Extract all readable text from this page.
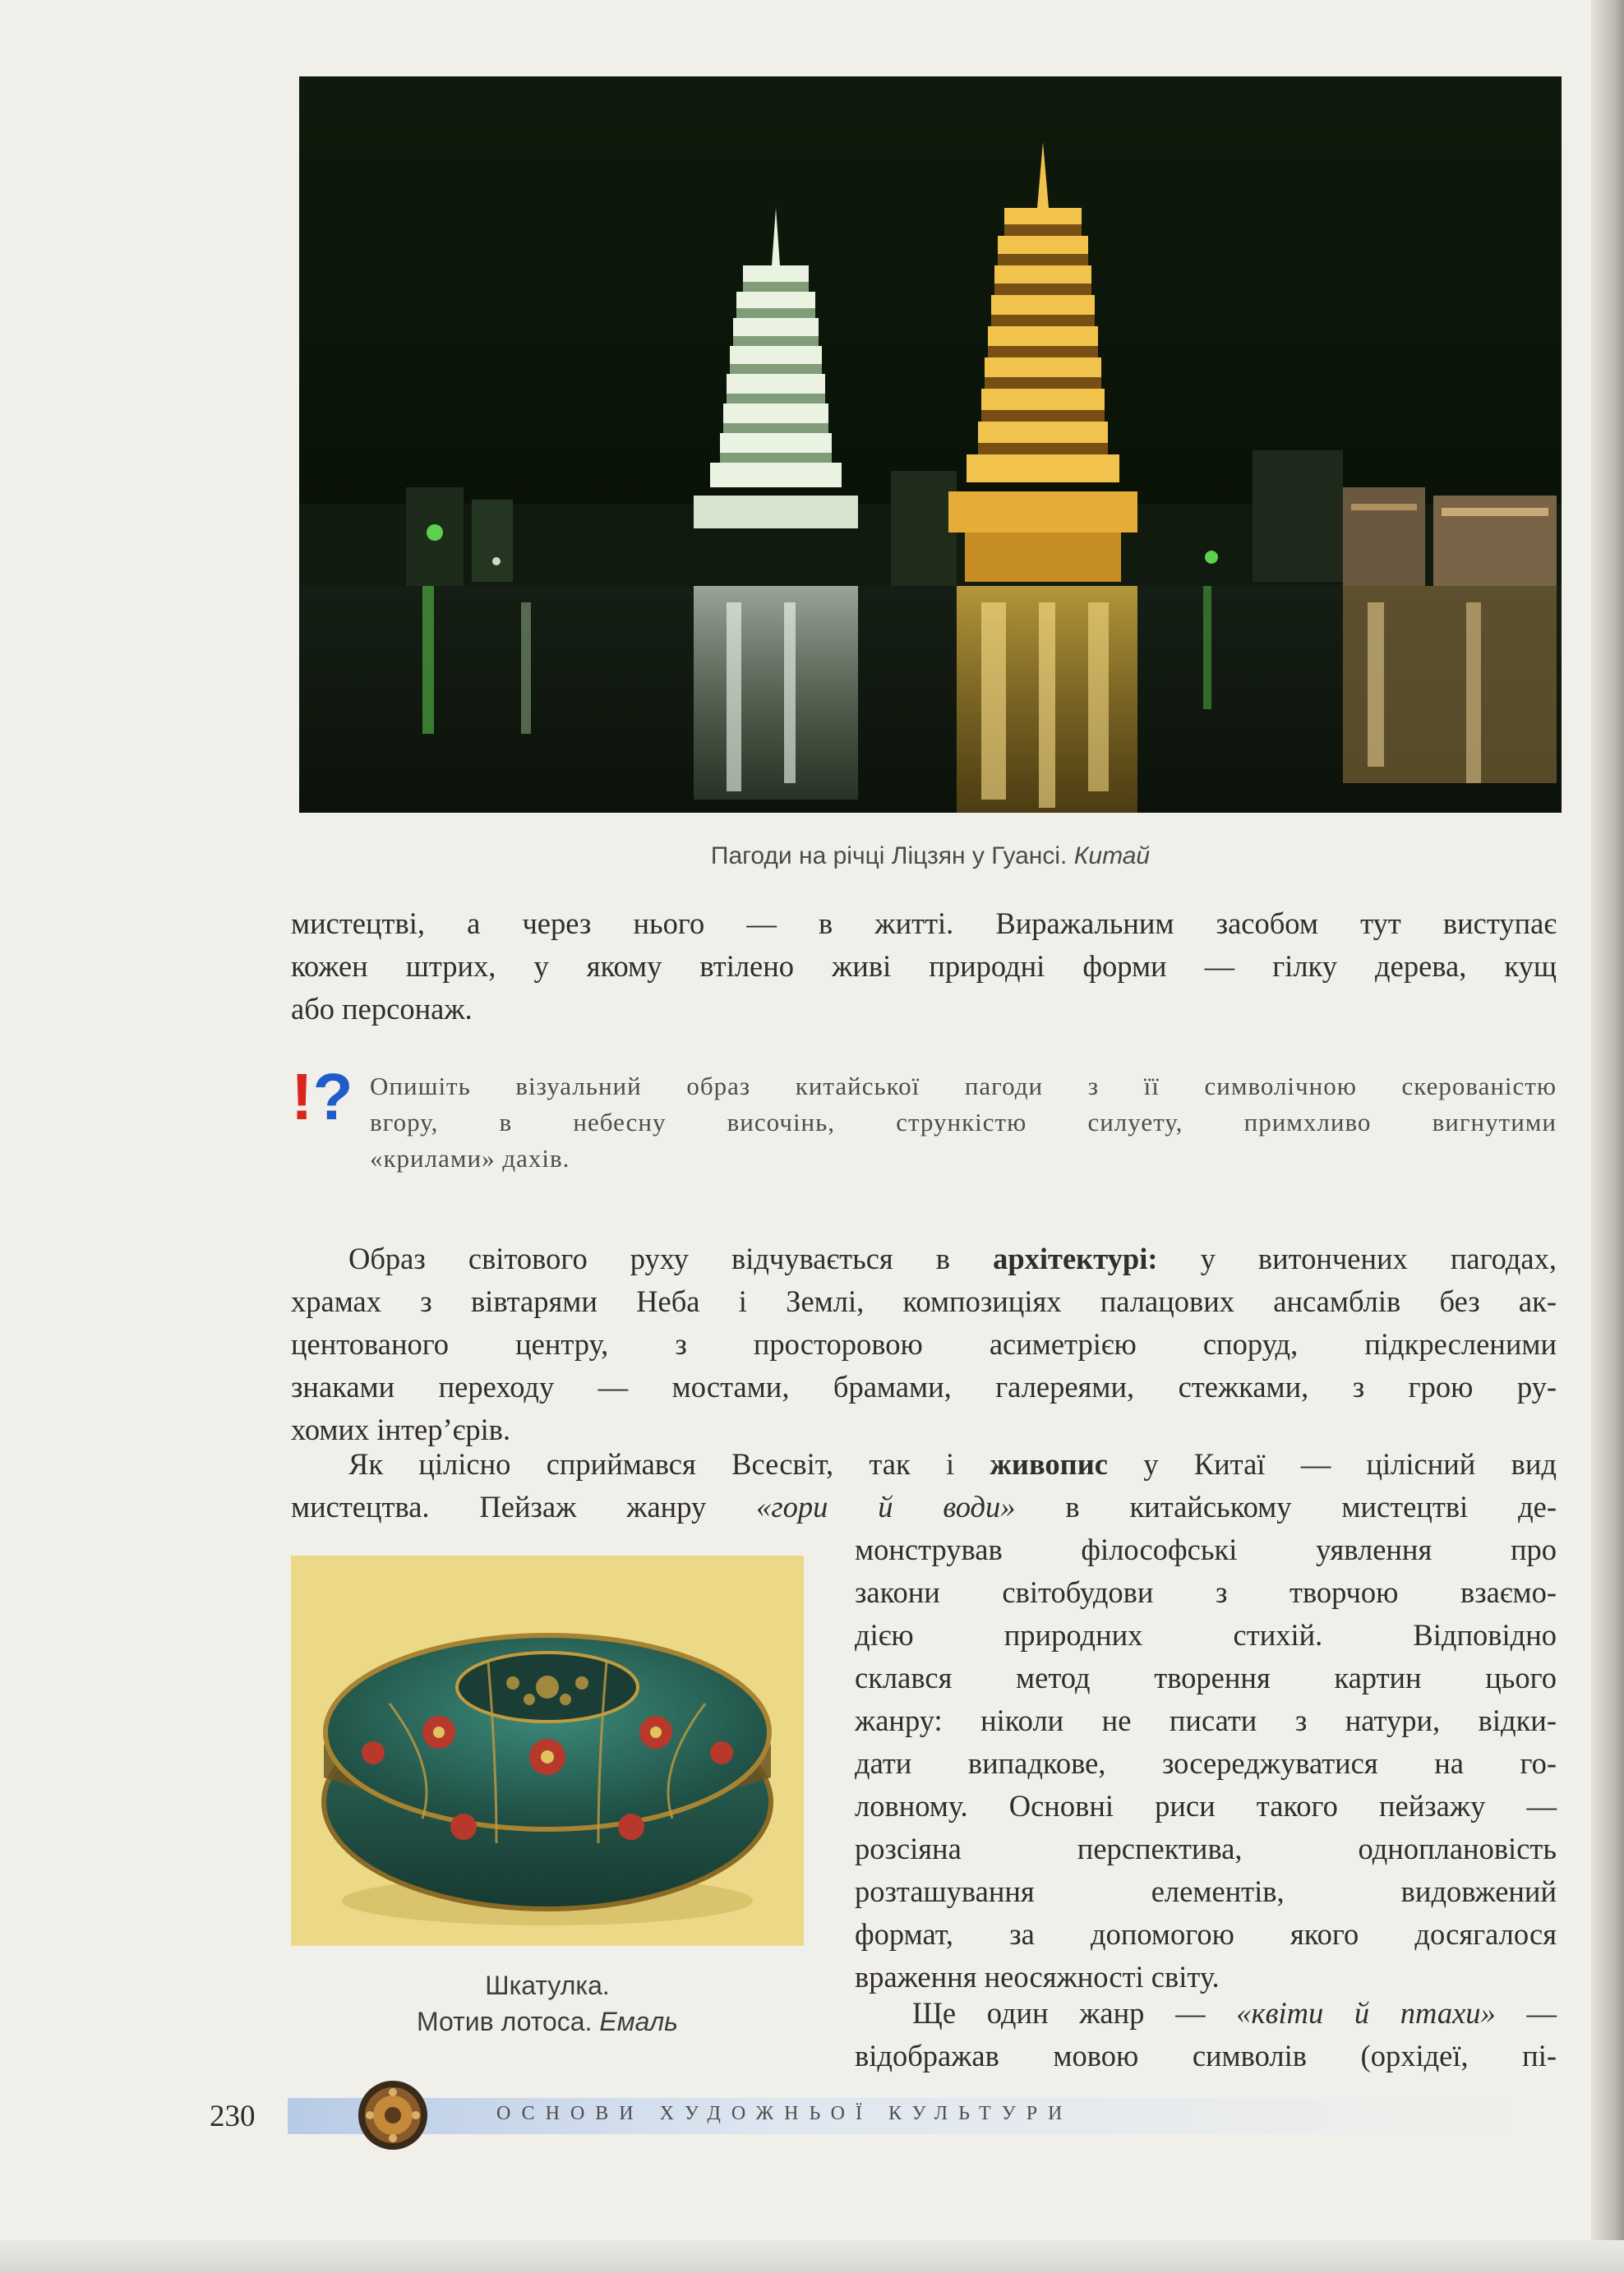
Пагоди на річці Ліцзян у Гуансі. Китай

мистецтві, а через нього — в житті. Виражальним засобом тут виступає
кожен штрих, у якому втілено живі природні форми — гілку дерева, кущ
або персонаж.

!? Опишіть візуальний образ китайської пагоди з її символічною скерованістю
вгору, в небесну височінь, стрункістю силуету, примхливо вигнутими
«крилами» дахів.

Образ світового руху відчувається в архітектурі: у витончених пагодах,
храмах з вівтарями Неба і Землі, композиціях палацових ансамблів без ак-
центованого центру, з просторовою асиметрією споруд, підкресленими
знаками переходу — мостами, брамами, галереями, стежками, з грою ру-
хомих інтер’єрів.

Як цілісно сприймався Всесвіт, так і живопис у Китаї — цілісний вид
мистецтва. Пейзаж жанру «гори й води» в китайському мистецтві де-

монстрував філософські уявлення про
закони світобудови з творчою взаємо-
дією природних стихій. Відповідно
склався метод творення картин цього
жанру: ніколи не писати з натури, відки-
дати випадкове, зосереджуватися на го-
ловному. Основні риси такого пейзажу —
розсіяна перспектива, одноплановість
розташування елементів, видовжений
формат, за допомогою якого досягалося
враження неосяжності світу.

Ще один жанр — «квіти й птахи» —
відображав мовою символів (орхідеї, пі-

Шкатулка.
Мотив лотоса. Емаль
230	ОСНОВИ ХУДОЖНЬОЇ КУЛЬТУРИ
